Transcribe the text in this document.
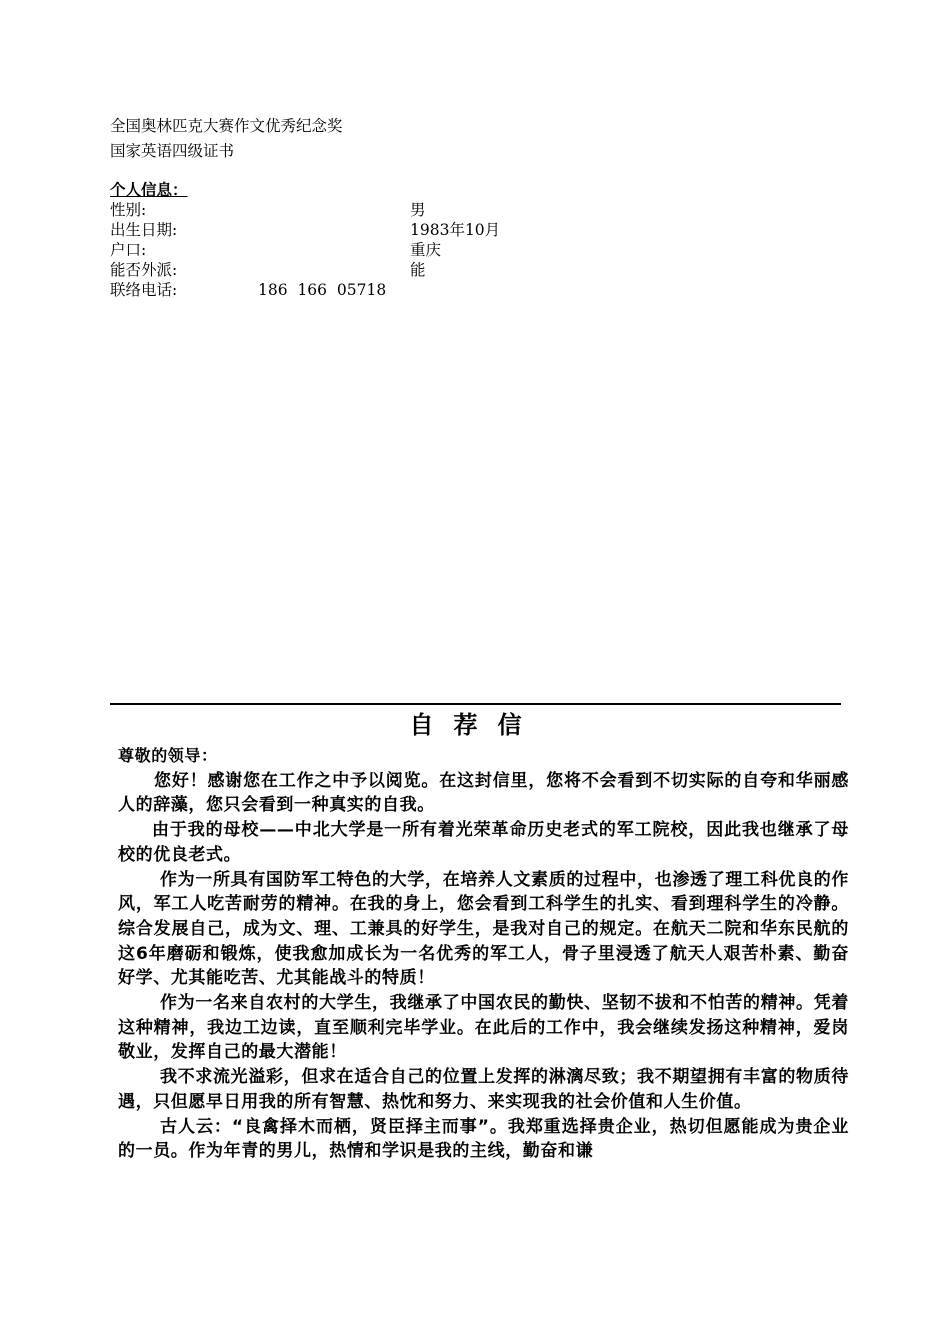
全国奥林匹克大赛作文优秀纪念奖
国家英语四级证书
个人信息：
性别:	男
出生日期:	1983年10月
户口:	重庆
能否外派:	能
联络电话:	186  166  05718
自荐信
尊敬的领导：

您好！感谢您在工作之中予以阅览。在这封信里，您将不会看到不切实际的自夸和华丽感人的辞藻，您只会看到一种真实的自我。

由于我的母校——中北大学是一所有着光荣革命历史老式的军工院校，因此我也继承了母校的优良老式。

作为一所具有国防军工特色的大学，在培养人文素质的过程中，也渗透了理工科优良的作风，军工人吃苦耐劳的精神。在我的身上，您会看到工科学生的扎实、看到理科学生的冷静。综合发展自己，成为文、理、工兼具的好学生，是我对自己的规定。在航天二院和华东民航的这6年磨砺和锻炼，使我愈加成长为一名优秀的军工人，骨子里浸透了航天人艰苦朴素、勤奋好学、尤其能吃苦、尤其能战斗的特质！

作为一名来自农村的大学生，我继承了中国农民的勤快、坚韧不拔和不怕苦的精神。凭着这种精神，我边工边读，直至顺利完毕学业。在此后的工作中，我会继续发扬这种精神，爱岗敬业，发挥自己的最大潜能！

我不求流光溢彩，但求在适合自己的位置上发挥的淋漓尽致；我不期望拥有丰富的物质待遇，只但愿早日用我的所有智慧、热忱和努力、来实现我的社会价值和人生价值。

古人云：“良禽择木而栖，贤臣择主而事”。我郑重选择贵企业，热切但愿能成为贵企业的一员。作为年青的男儿，热情和学识是我的主线，勤奋和谦
